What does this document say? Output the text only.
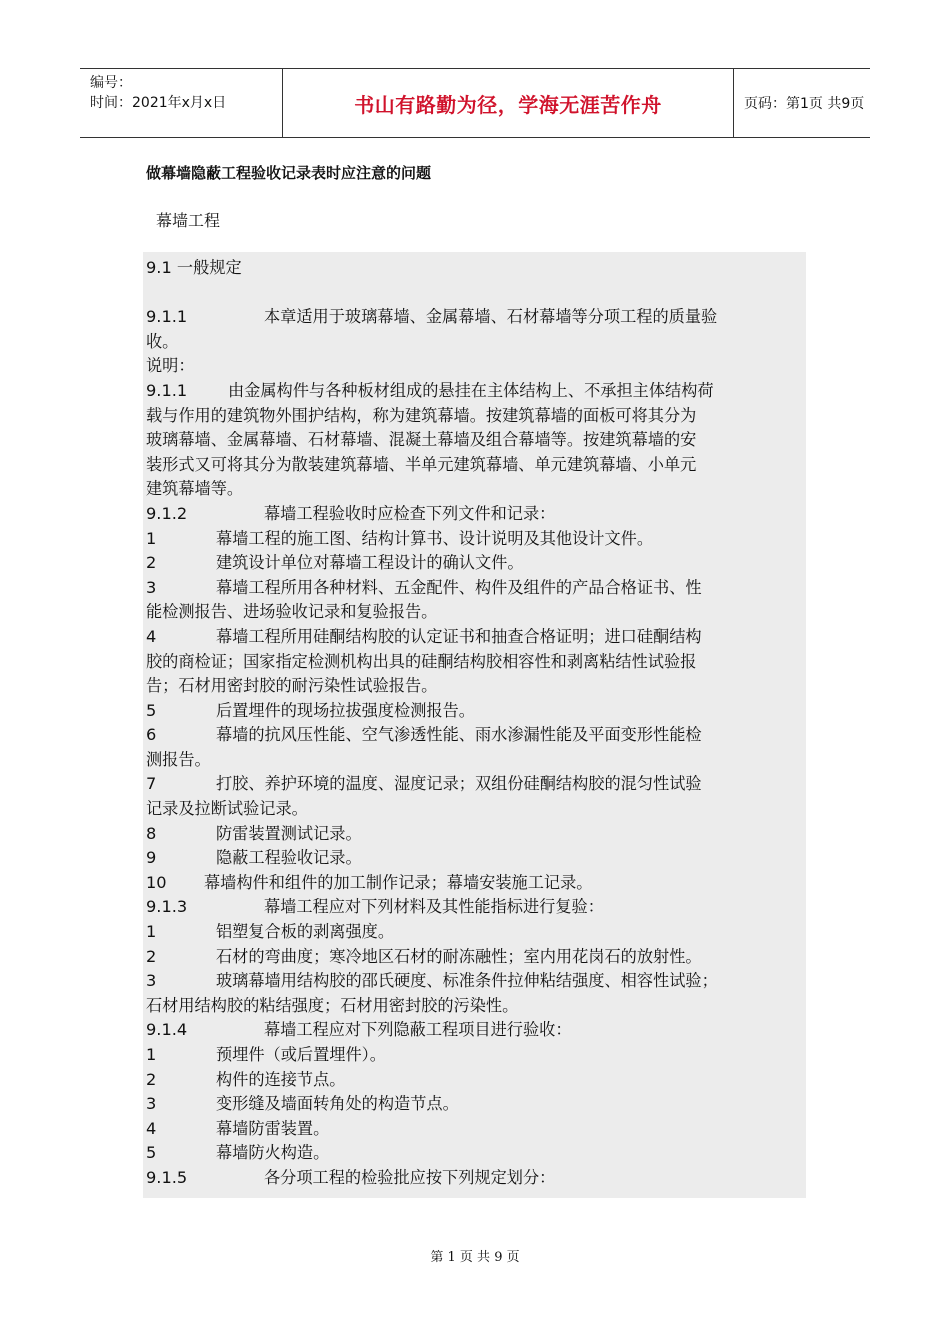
编号：
时间：2021年x月x日	书山有路勤为径，学海无涯苦作舟	页码：第1页 共9页
做幕墙隐蔽工程验收记录表时应注意的问题
幕墙工程

9.1 一般规定

9.1.1	本章适用于玻璃幕墙、金属幕墙、石材幕墙等分项工程的质量验

收。

说明：

9.1.1	由金属构件与各种板材组成的悬挂在主体结构上、不承担主体结构荷

载与作用的建筑物外围护结构，称为建筑幕墙。按建筑幕墙的面板可将其分为

玻璃幕墙、金属幕墙、石材幕墙、混凝土幕墙及组合幕墙等。按建筑幕墙的安

装形式又可将其分为散装建筑幕墙、半单元建筑幕墙、单元建筑幕墙、小单元

建筑幕墙等。

9.1.2	幕墙工程验收时应检查下列文件和记录：

1	幕墙工程的施工图、结构计算书、设计说明及其他设计文件。

2	建筑设计单位对幕墙工程设计的确认文件。

3	幕墙工程所用各种材料、五金配件、构件及组件的产品合格证书、性

能检测报告、进场验收记录和复验报告。

4	幕墙工程所用硅酮结构胶的认定证书和抽查合格证明；进口硅酮结构

胶的商检证；国家指定检测机构出具的硅酮结构胶相容性和剥离粘结性试验报

告；石材用密封胶的耐污染性试验报告。

5	后置埋件的现场拉拔强度检测报告。

6	幕墙的抗风压性能、空气渗透性能、雨水渗漏性能及平面变形性能检

测报告。

7	打胶、养护环境的温度、湿度记录；双组份硅酮结构胶的混匀性试验

记录及拉断试验记录。

8	防雷装置测试记录。

9	隐蔽工程验收记录。

10 幕墙构件和组件的加工制作记录；幕墙安装施工记录。

9.1.3	幕墙工程应对下列材料及其性能指标进行复验：

1	铝塑复合板的剥离强度。

2	石材的弯曲度；寒冷地区石材的耐冻融性；室内用花岗石的放射性。

3	玻璃幕墙用结构胶的邵氏硬度、标准条件拉伸粘结强度、相容性试验；

石材用结构胶的粘结强度；石材用密封胶的污染性。

9.1.4	幕墙工程应对下列隐蔽工程项目进行验收：

1	预埋件（或后置埋件）。

2	构件的连接节点。

3	变形缝及墙面转角处的构造节点。

4	幕墙防雷装置。

5	幕墙防火构造。

9.1.5	各分项工程的检验批应按下列规定划分：

第 1 页 共 9 页
